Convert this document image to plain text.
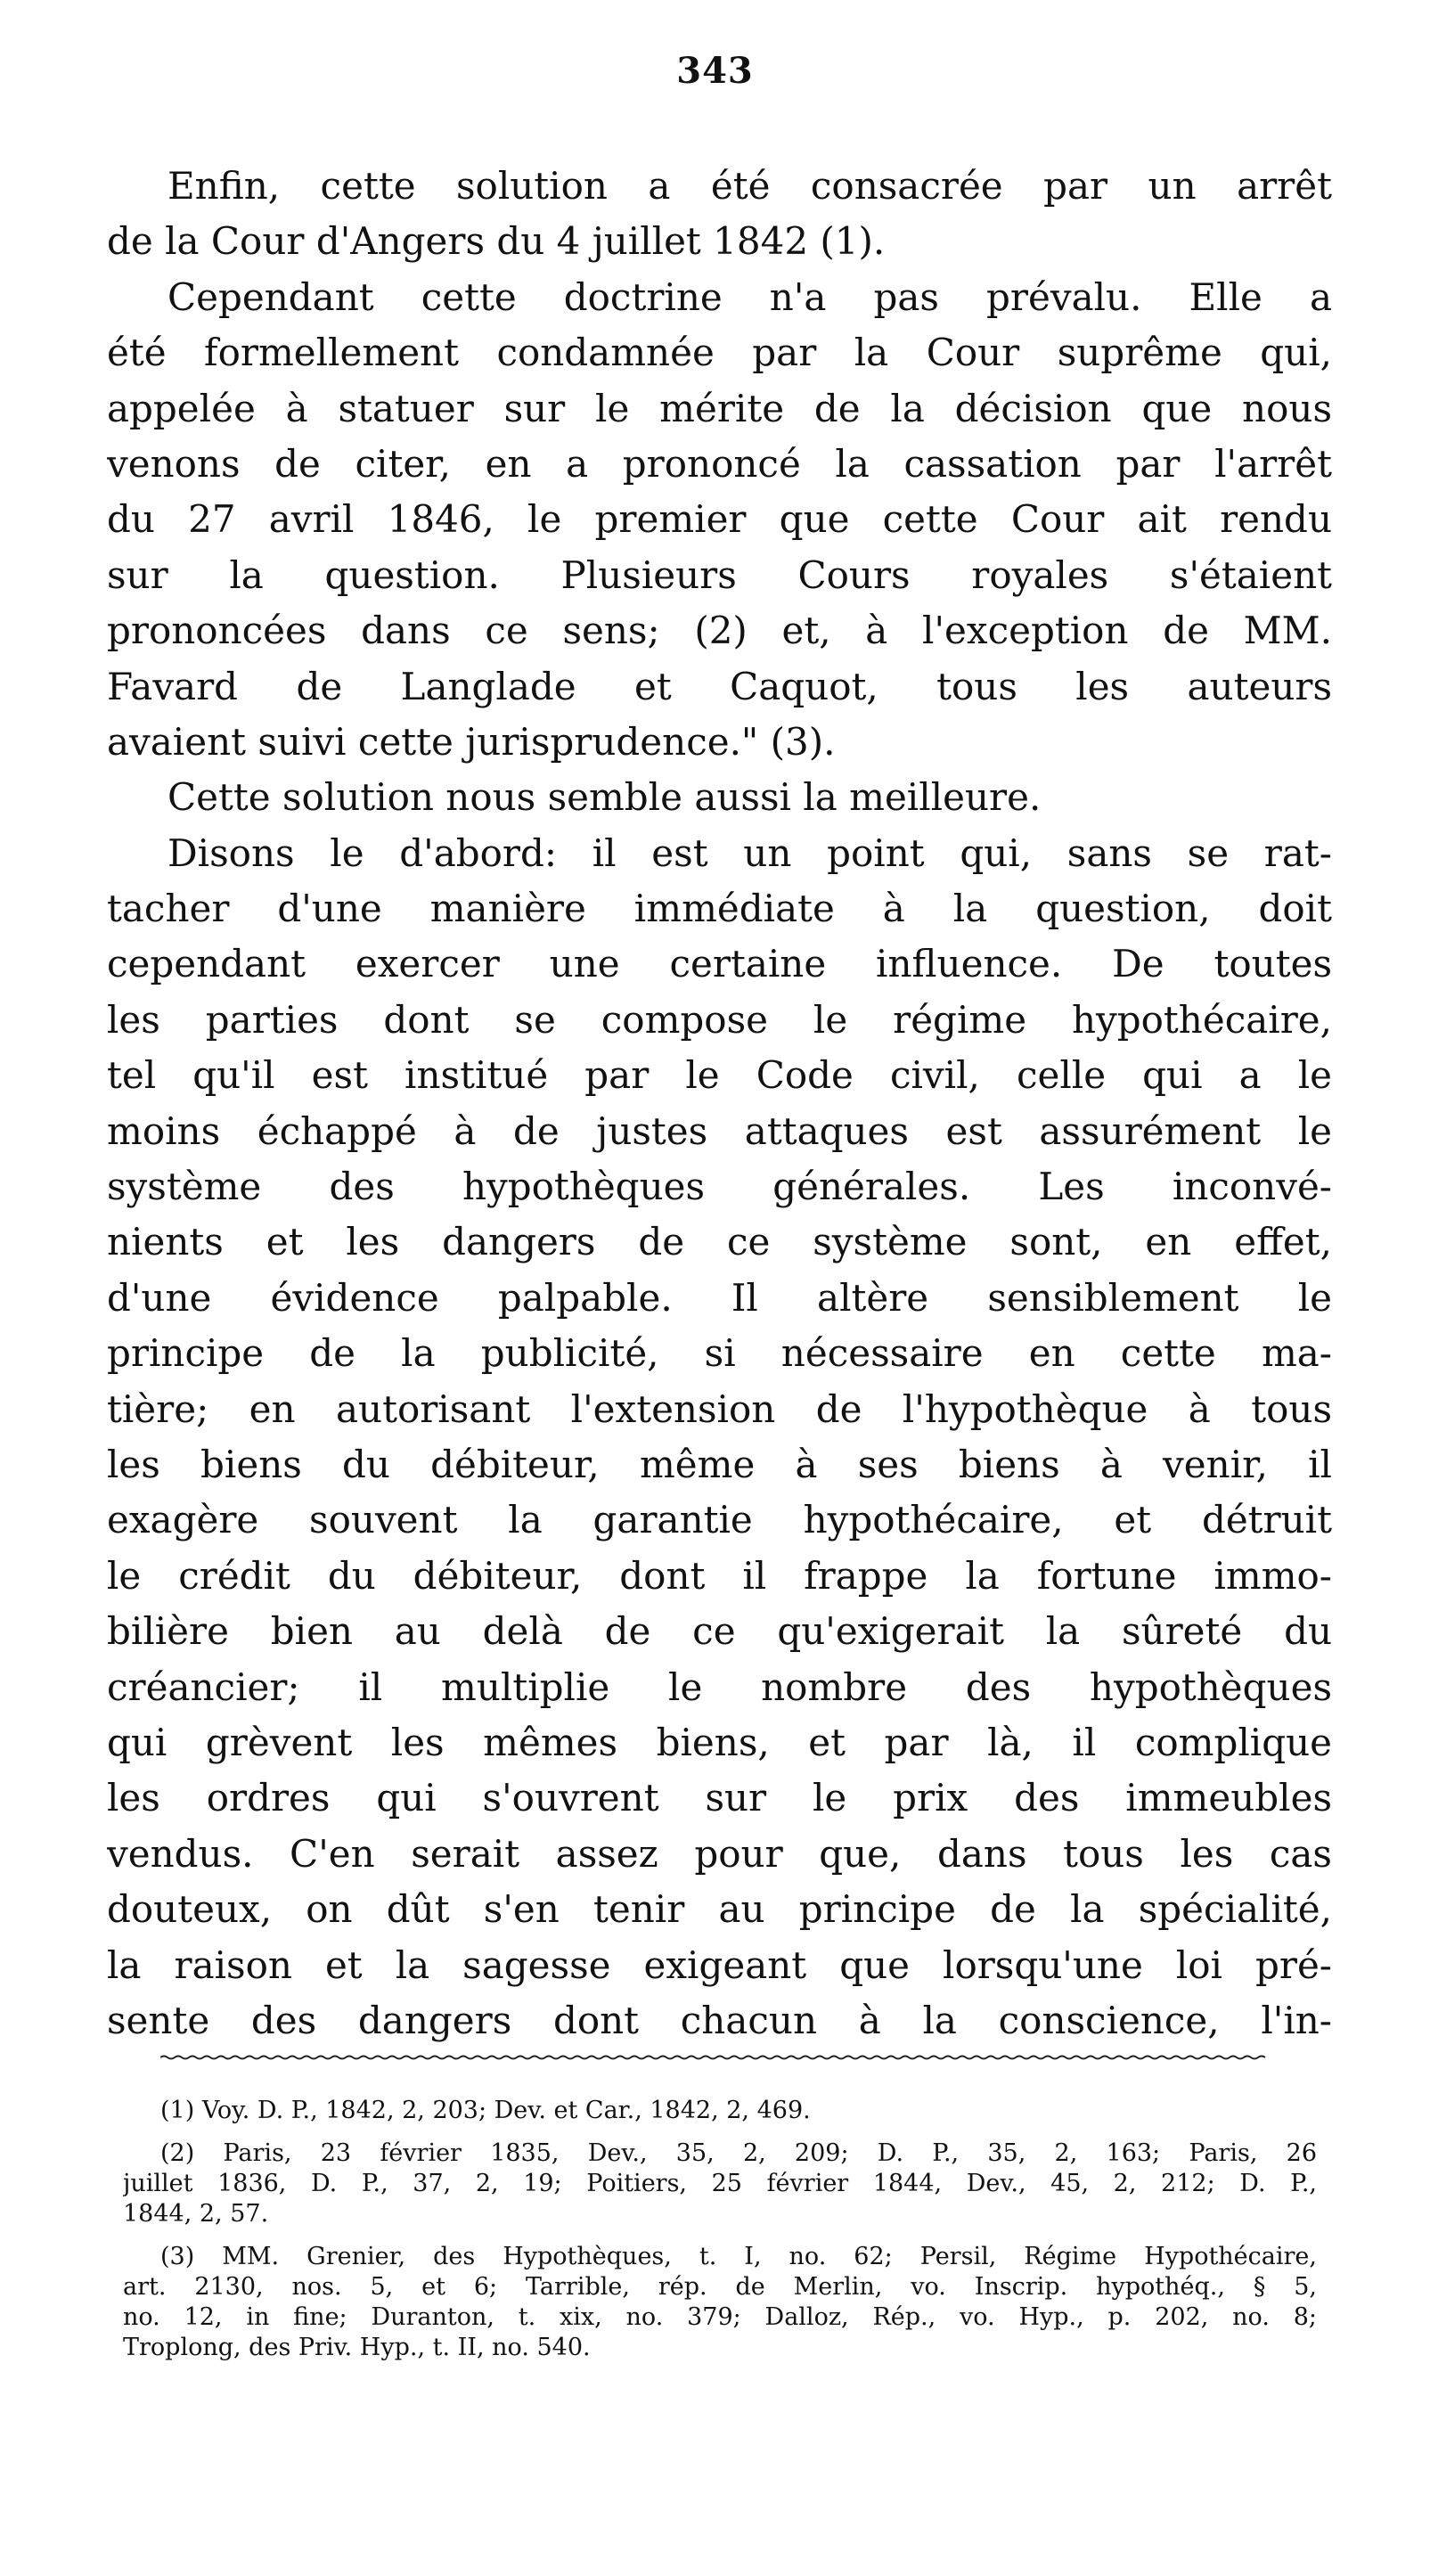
343
Enfin, cette solution a été consacrée par un arrêt
de la Cour d'Angers du 4 juillet 1842 (1).
Cependant cette doctrine n'a pas prévalu. Elle a
été formellement condamnée par la Cour suprême qui,
appelée à statuer sur le mérite de la décision que nous
venons de citer, en a prononcé la cassation par l'arrêt
du 27 avril 1846, le premier que cette Cour ait rendu
sur la question. Plusieurs Cours royales s'étaient
prononcées dans ce sens; (2) et, à l'exception de MM.
Favard de Langlade et Caquot, tous les auteurs
avaient suivi cette jurisprudence." (3).
Cette solution nous semble aussi la meilleure.
Disons le d'abord: il est un point qui, sans se rat-
tacher d'une manière immédiate à la question, doit
cependant exercer une certaine influence. De toutes
les parties dont se compose le régime hypothécaire,
tel qu'il est institué par le Code civil, celle qui a le
moins échappé à de justes attaques est assurément le
système des hypothèques générales. Les inconvé-
nients et les dangers de ce système sont, en effet,
d'une évidence palpable. Il altère sensiblement le
principe de la publicité, si nécessaire en cette ma-
tière; en autorisant l'extension de l'hypothèque à tous
les biens du débiteur, même à ses biens à venir, il
exagère souvent la garantie hypothécaire, et détruit
le crédit du débiteur, dont il frappe la fortune immo-
bilière bien au delà de ce qu'exigerait la sûreté du
créancier; il multiplie le nombre des hypothèques
qui grèvent les mêmes biens, et par là, il complique
les ordres qui s'ouvrent sur le prix des immeubles
vendus. C'en serait assez pour que, dans tous les cas
douteux, on dût s'en tenir au principe de la spécialité,
la raison et la sagesse exigeant que lorsqu'une loi pré-
sente des dangers dont chacun à la conscience, l'in-
(1) Voy. D. P., 1842, 2, 203; Dev. et Car., 1842, 2, 469.
(2) Paris, 23 février 1835, Dev., 35, 2, 209; D. P., 35, 2, 163; Paris, 26
juillet 1836, D. P., 37, 2, 19; Poitiers, 25 février 1844, Dev., 45, 2, 212; D. P.,
1844, 2, 57.
(3) MM. Grenier, des Hypothèques, t. I, no. 62; Persil, Régime Hypothécaire,
art. 2130, nos. 5, et 6; Tarrible, rép. de Merlin, vo. Inscrip. hypothéq., § 5,
no. 12, in fine; Duranton, t. xix, no. 379; Dalloz, Rép., vo. Hyp., p. 202, no. 8;
Troplong, des Priv. Hyp., t. II, no. 540.
